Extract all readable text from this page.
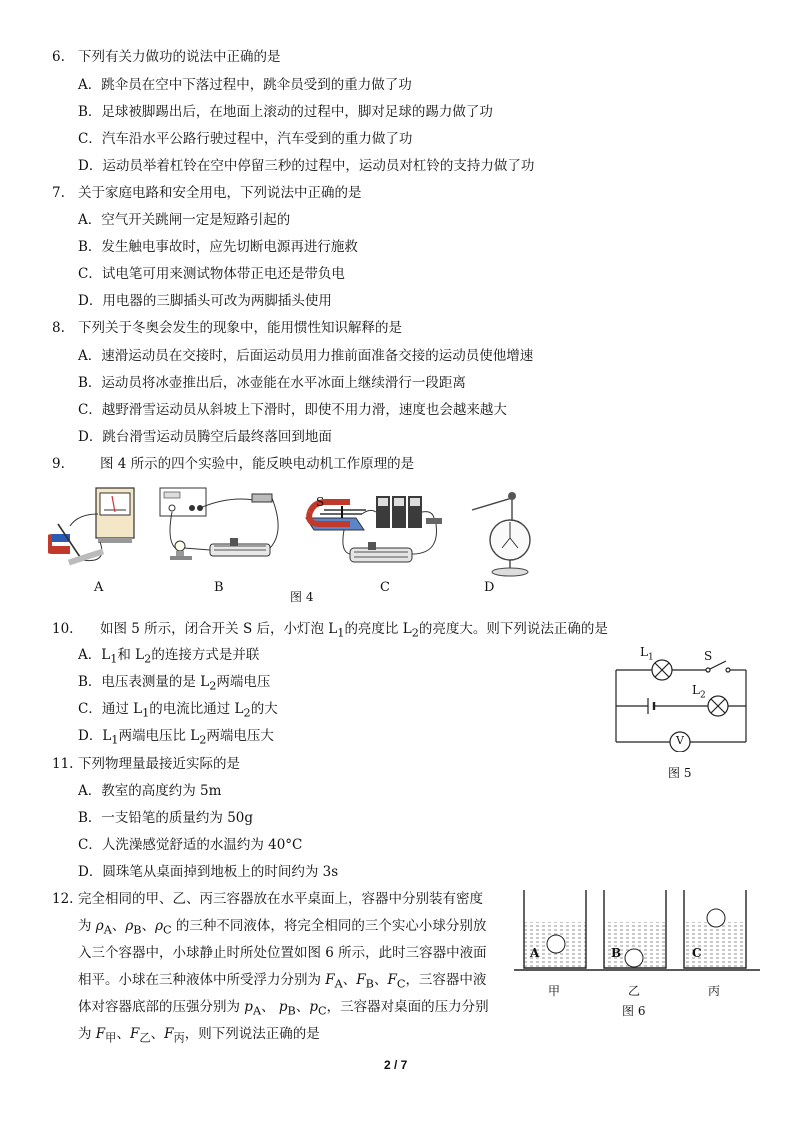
6. 下列有关力做功的说法中正确的是
A．跳伞员在空中下落过程中，跳伞员受到的重力做了功
B．足球被脚踢出后，在地面上滚动的过程中，脚对足球的踢力做了功
C．汽车沿水平公路行驶过程中，汽车受到的重力做了功
D．运动员举着杠铃在空中停留三秒的过程中，运动员对杠铃的支持力做了功
7. 关于家庭电路和安全用电，下列说法中正确的是
A．空气开关跳闸一定是短路引起的
B．发生触电事故时，应先切断电源再进行施救
C．试电笔可用来测试物体带正电还是带负电
D．用电器的三脚插头可改为两脚插头使用
8. 下列关于冬奥会发生的现象中，能用惯性知识解释的是
A．速滑运动员在交接时，后面运动员用力推前面准备交接的运动员使他增速
B．运动员将冰壶推出后，冰壶能在水平冰面上继续滑行一段距离
C．越野滑雪运动员从斜坡上下滑时，即使不用力滑，速度也会越来越大
D．跳台滑雪运动员腾空后最终落回到地面
9.	图 4 所示的四个实验中，能反映电动机工作原理的是
A	B
图 4
S
C	D
10. 如图 5 所示，闭合开关 S 后，小灯泡 $L_1$的亮度比 $L_2$的亮度大。则下列说法正确的是
A．$L_1$和 $L_2$的连接方式是并联
B．电压表测量的是 $L_2$两端电压
C．通过 $L_1$的电流比通过 $L_2$的大
D．$L_1$两端电压比 $L_2$两端电压大
$L_1$	S
$L_2$
V
图 5
11. 下列物理量最接近实际的是
A．教室的高度约为 5m
B．一支铅笔的质量约为 50g
C．人洗澡感觉舒适的水温约为 40°C
D．圆珠笔从桌面掉到地板上的时间约为 3s
12. 完全相同的甲、乙、丙三容器放在水平桌面上，容器中分别装有密度
为 $\rho_A$、$\rho_B$、$\rho_C$ 的三种不同液体，将完全相同的三个实心小球分别放
入三个容器中，小球静止时所处位置如图 6 所示，此时三容器中液面
相平。小球在三种液体中所受浮力分别为 $F_A$、$F_B$、$F_C$，三容器中液
体对容器底部的压强分别为 $p_A$、 $p_B$、$p_C$，三容器对桌面的压力分别
为 $F_甲$、$F_乙$、$F_丙$，则下列说法正确的是
A	B	C
甲	乙	丙
图 6
2 / 7
